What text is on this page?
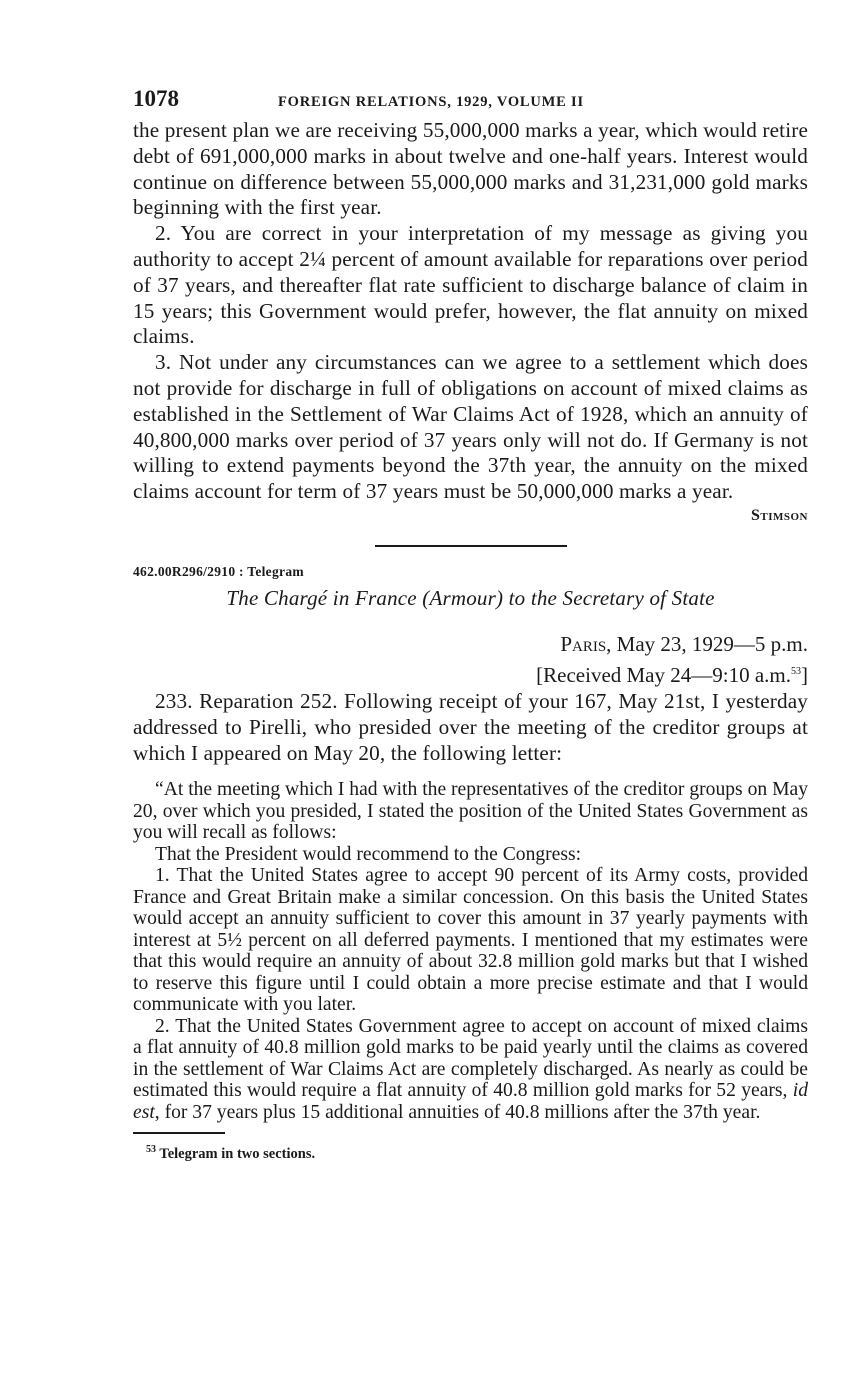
1078	FOREIGN RELATIONS, 1929, VOLUME II

the present plan we are receiving 55,000,000 marks a year, which would retire debt of 691,000,000 marks in about twelve and one-half years. Interest would continue on difference between 55,000,000 marks and 31,231,000 gold marks beginning with the first year.

2. You are correct in your interpretation of my message as giving you authority to accept 2¼ percent of amount available for reparations over period of 37 years, and thereafter flat rate sufficient to discharge balance of claim in 15 years; this Government would prefer, however, the flat annuity on mixed claims.

3. Not under any circumstances can we agree to a settlement which does not provide for discharge in full of obligations on account of mixed claims as established in the Settlement of War Claims Act of 1928, which an annuity of 40,800,000 marks over period of 37 years only will not do. If Germany is not willing to extend payments beyond the 37th year, the annuity on the mixed claims account for term of 37 years must be 50,000,000 marks a year.

Stimson
462.00R296/2910 : Telegram
The Chargé in France (Armour) to the Secretary of State
Paris, May 23, 1929—5 p.m.
[Received May 24—9:10 a.m.$^{53}$]

233. Reparation 252. Following receipt of your 167, May 21st, I yesterday addressed to Pirelli, who presided over the meeting of the creditor groups at which I appeared on May 20, the following letter:

“At the meeting which I had with the representatives of the creditor groups on May 20, over which you presided, I stated the position of the United States Government as you will recall as follows:

That the President would recommend to the Congress:

1. That the United States agree to accept 90 percent of its Army costs, provided France and Great Britain make a similar concession. On this basis the United States would accept an annuity sufficient to cover this amount in 37 yearly payments with interest at 5½ percent on all deferred payments. I mentioned that my estimates were that this would require an annuity of about 32.8 million gold marks but that I wished to reserve this figure until I could obtain a more precise estimate and that I would communicate with you later.

2. That the United States Government agree to accept on account of mixed claims a flat annuity of 40.8 million gold marks to be paid yearly until the claims as covered in the settlement of War Claims Act are completely discharged. As nearly as could be estimated this would require a flat annuity of 40.8 million gold marks for 52 years, id est, for 37 years plus 15 additional annuities of 40.8 millions after the 37th year.

$^{53}$ Telegram in two sections.
